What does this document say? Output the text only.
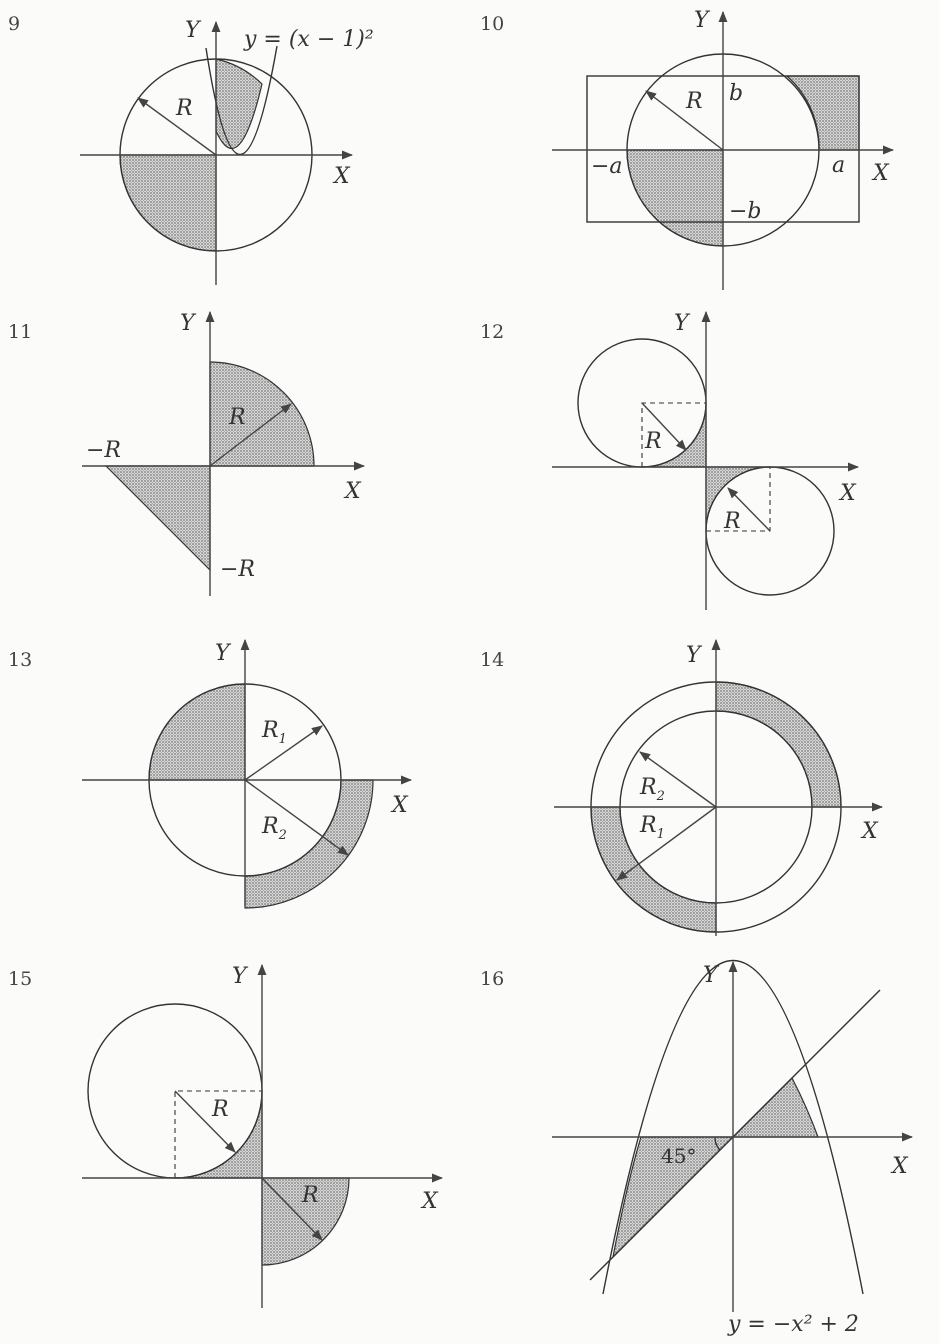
9	Y
X
R
y = (x − 1)²
10	Y
X
R b
−a	a
−b
11	Y
X
R
−R
−R
12	Y
X
R
R
13	Y
X
$R_1$
$R_2$
14	Y
X
$R_2$
$R_1$
15	Y
X
R
R
16	Y
X
45°
y = −x² + 2
